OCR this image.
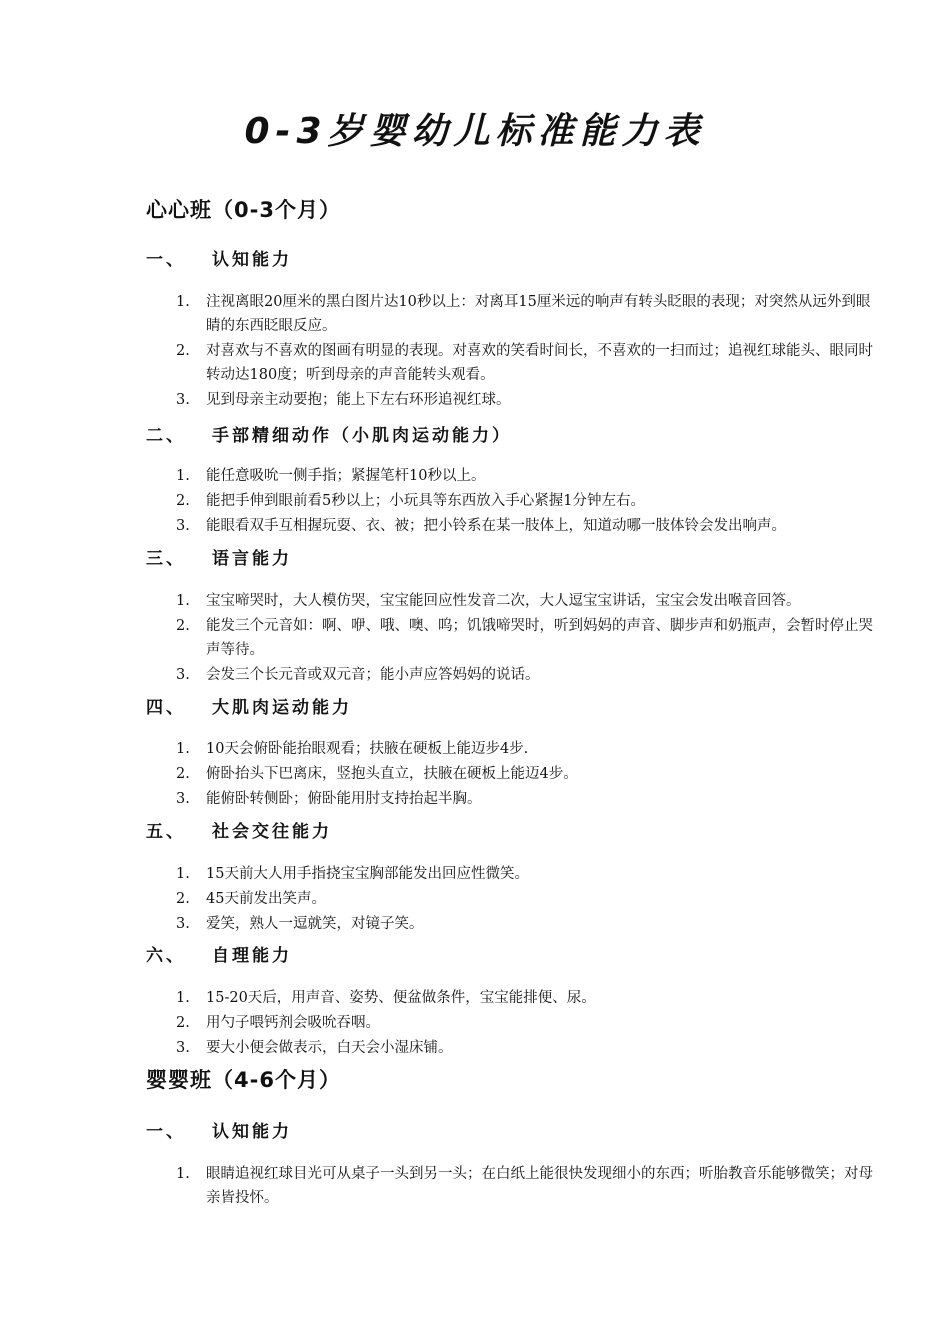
0-3岁婴幼儿标准能力表
心心班（0-3个月）
一、 认知能力
1.	注视离眼20厘米的黑白图片达10秒以上：对离耳15厘米远的响声有转头眨眼的表现；对突然从远外到眼睛的东西眨眼反应。
2.	对喜欢与不喜欢的图画有明显的表现。对喜欢的笑看时间长，不喜欢的一扫而过；追视红球能头、眼同时转动达180度；听到母亲的声音能转头观看。
3.	见到母亲主动要抱；能上下左右环形追视红球。
二、 手部精细动作（小肌肉运动能力）
1.	能任意吸吮一侧手指；紧握笔杆10秒以上。
2.	能把手伸到眼前看5秒以上；小玩具等东西放入手心紧握1分钟左右。
3.	能眼看双手互相握玩耍、衣、被；把小铃系在某一肢体上，知道动哪一肢体铃会发出响声。
三、 语言能力
1.	宝宝啼哭时，大人模仿哭，宝宝能回应性发音二次，大人逗宝宝讲话，宝宝会发出喉音回答。
2.	能发三个元音如：啊、咿、哦、噢、呜；饥饿啼哭时，听到妈妈的声音、脚步声和奶瓶声，会暂时停止哭声等待。
3.	会发三个长元音或双元音；能小声应答妈妈的说话。
四、 大肌肉运动能力
1.	10天会俯卧能抬眼观看；扶腋在硬板上能迈步4步.
2.	俯卧抬头下巴离床，竖抱头直立，扶腋在硬板上能迈4步。
3.	能俯卧转侧卧；俯卧能用肘支持抬起半胸。
五、 社会交往能力
1.	15天前大人用手指挠宝宝胸部能发出回应性微笑。
2.	45天前发出笑声。
3.	爱笑，熟人一逗就笑，对镜子笑。
六、 自理能力
1.	15-20天后，用声音、姿势、便盆做条件，宝宝能排便、尿。
2.	用勺子喂钙剂会吸吮吞咽。
3.	要大小便会做表示，白天会小湿床铺。
婴婴班（4-6个月）
一、 认知能力
1.	眼睛追视红球目光可从桌子一头到另一头；在白纸上能很快发现细小的东西；听胎教音乐能够微笑；对母亲皆投怀。
